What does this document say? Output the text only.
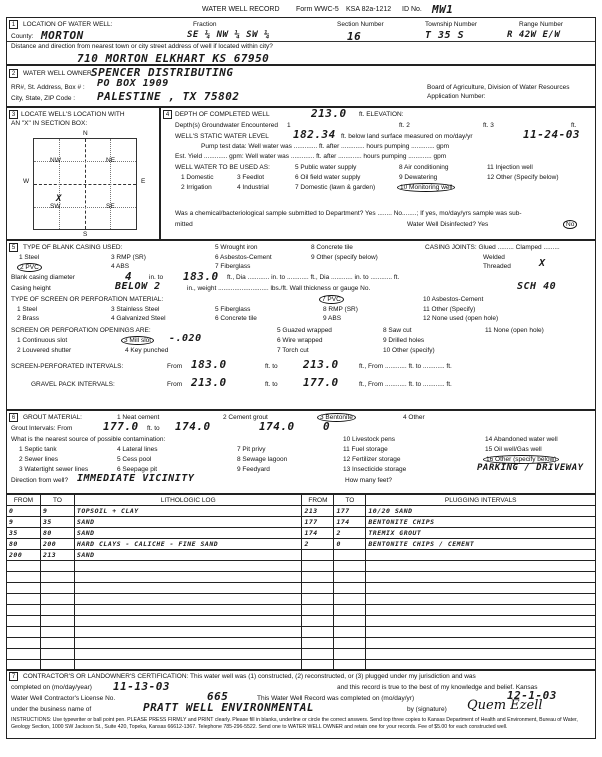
WATER WELL RECORD Form WWC-5 KSA 82a-1212 ID No. MW1
1	LOCATION OF WATER WELL:
County: MORTON
Fraction
SE ¼ NW ¼ SW ¼
Section Number
16
Township Number
T 35 S
Range Number
R 42W E/W
Distance and direction from nearest town or city street address of well if located within city?
710 MORTON ELKHART KS 67950
2	WATER WELL OWNER:
SPENCER DISTRIBUTING
RR#, St. Address, Box # : PO BOX 1909
City, State, ZIP Code : PALESTINE , TX 75802
Board of Agriculture, Division of Water Resources
Application Number:
3 LOCATE WELL'S LOCATION WITH
AN "X" IN SECTION BOX:
N
S
W	E
NW	NE
SW	SE
X
4 DEPTH OF COMPLETED WELL	213.0 ft. ELEVATION:
Depth(s) Groundwater Encountered 1	ft. 2	ft. 3	ft.
WELL'S STATIC WATER LEVEL 182.34 ft. below land surface measured on mo/day/yr	11-24-03
Pump test data: Well water was ............. ft. after ............. hours pumping ............. gpm
Est. Yield ............. gpm: Well water was ............. ft. after ............. hours pumping ............. gpm
WELL WATER TO BE USED AS:
1 Domestic	3 Feedlot
5 Public water supply	8 Air conditioning	11 Injection well
2 Irrigation	4 Industrial
6 Oil field water supply	9 Dewatering	12 Other (Specify below)
7 Domestic (lawn & garden)	10 Monitoring well
Was a chemical/bacteriological sample submitted to Department? Yes ........ No........; If yes, mo/day/yrs sample was sub-
mitted	Water Well Disinfected? Yes	No
5	TYPE OF BLANK CASING USED:
1 Steel	3 RMP (SR)
5 Wrought iron	8 Concrete tile
2 PVC	4 ABS
6 Asbestos-Cement	9 Other (specify below)
7 Fiberglass
CASING JOINTS: Glued ......... Clamped .........
Welded
Threaded	X
Blank casing diameter	4	in. to 183.0 ft., Dia ............ in. to ............ ft., Dia ............ in. to ............ ft.
Casing height	BELOW 2	in., weight ............................ lbs./ft. Wall thickness or gauge No.	SCH 40
TYPE OF SCREEN OR PERFORATION MATERIAL:
1 Steel	3 Stainless Steel	5 Fiberglass
7 PVC	10 Asbestos-Cement
2 Brass	4 Galvanized Steel	6 Concrete tile
8 RMP (SR)	11 Other (Specify)
9 ABS	12 None used (open hole)
SCREEN OR PERFORATION OPENINGS ARE:
1 Continuous slot	3 Mill slot	-.020
5 Guazed wrapped	8 Saw cut	11 None (open hole)
2 Louvered shutter	4 Key punched
6 Wire wrapped	9 Drilled holes
7 Torch cut	10 Other (specify)
SCREEN-PERFORATED INTERVALS:	From 183.0	ft. to 213.0	ft., From ............ ft. to ............ ft.
GRAVEL PACK INTERVALS:	From 213.0	ft. to 177.0	ft., From ............ ft. to ............ ft.
6	GROUT MATERIAL:	1 Neat cement	2 Cement grout	3 Bentonite	4 Other
Grout Intervals: From	177.0 ft. to 174.0	174.0	0
What is the nearest source of possible contamination:
1 Septic tank	4 Lateral lines	7 Pit privy
10 Livestock pens	14 Abandoned water well
2 Sewer lines	5 Cess pool	8 Sewage lagoon
11 Fuel storage	15 Oil well/Gas well
3 Watertight sewer lines	6 Seepage pit	9 Feedyard
12 Fertilizer storage	16 Other (specify below)
13 Insecticide storage	PARKING / DRIVEWAY
Direction from well? IMMEDIATE VICINITY	How many feet?
FROM	TO	LITHOLOGIC LOG	FROM	TO	PLUGGING INTERVALS
0	9	TOPSOIL + CLAY	213	177	10/20 SAND
9	35	SAND	177	174	BENTONITE CHIPS
35	80	SAND	174	2	TREMIX GROUT
80	200	HARD CLAYS - CALICHE - FINE SAND	2	0	BENTONITE CHIPS / CEMENT
200	213	SAND			

7	CONTRACTOR'S OR LANDOWNER'S CERTIFICATION: This water well was (1) constructed, (2) reconstructed, or (3) plugged under my jurisdiction and was
completed on (mo/day/year) 11-13-03	and this record is true to the best of my knowledge and belief. Kansas
Water Well Contractor's License No.	665	This Water Well Record was completed on (mo/day/yr)	12-1-03
under the business name of	PRATT WELL ENVIRONMENTAL	by (signature) Quem Ezell
INSTRUCTIONS: Use typewriter or ball point pen. PLEASE PRESS FIRMLY and PRINT clearly. Please fill in blanks, underline or circle the correct answers. Send top three copies to Kansas Department of Health and Environment, Bureau of Water, Geology Section, 1000 SW Jackson St., Suite 420, Topeka, Kansas 66612-1367. Telephone 785-296-5522. Send one to WATER WELL OWNER and retain one for your records. Fee of $5.00 for each constructed well.
